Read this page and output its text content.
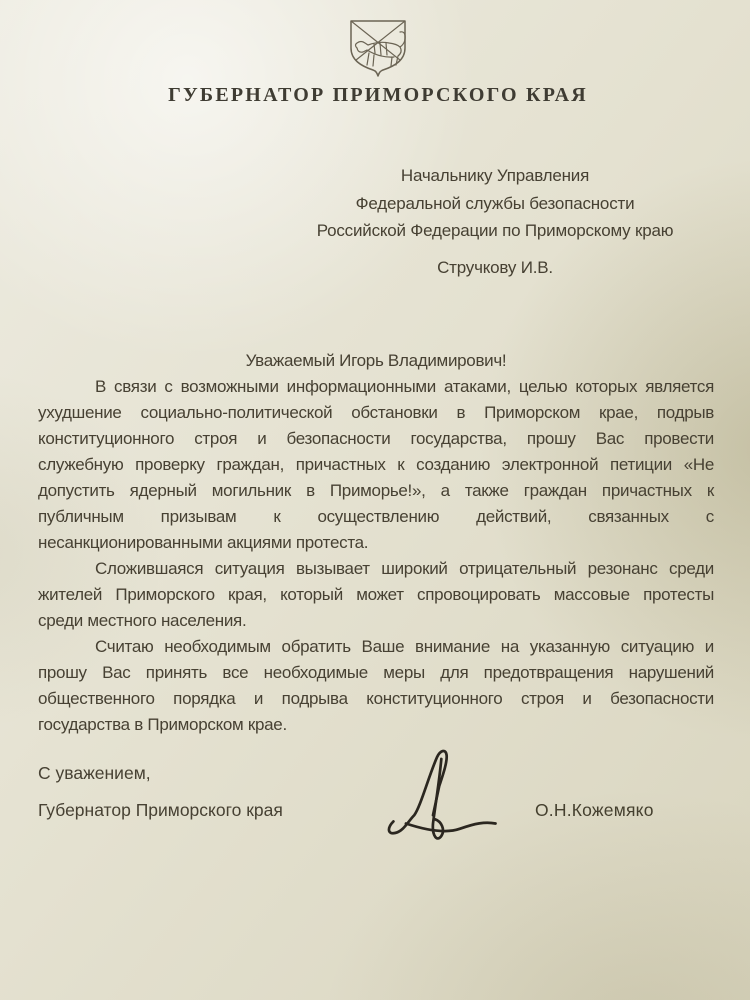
ГУБЕРНАТОР ПРИМОРСКОГО КРАЯ
Начальнику Управления
Федеральной службы безопасности
Российской Федерации по Приморскому краю
Стручкову И.В.
Уважаемый Игорь Владимирович!
В связи с возможными информационными атаками, целью которых является
ухудшение социально-политической обстановки в Приморском крае, подрыв
конституционного строя и безопасности государства, прошу Вас провести
служебную проверку граждан, причастных к созданию электронной петиции «Не
допустить ядерный могильник в Приморье!», а также граждан причастных к
публичным призывам к осуществлению действий, связанных с
несанкционированными акциями протеста.
Сложившаяся ситуация вызывает широкий отрицательный резонанс среди
жителей Приморского края, который может спровоцировать массовые протесты
среди местного населения.
Считаю необходимым обратить Ваше внимание на указанную ситуацию и
прошу Вас принять все необходимые меры для предотвращения нарушений
общественного порядка и подрыва конституционного строя и безопасности
государства в Приморском крае.
С уважением,
Губернатор Приморского края	О.Н.Кожемяко
